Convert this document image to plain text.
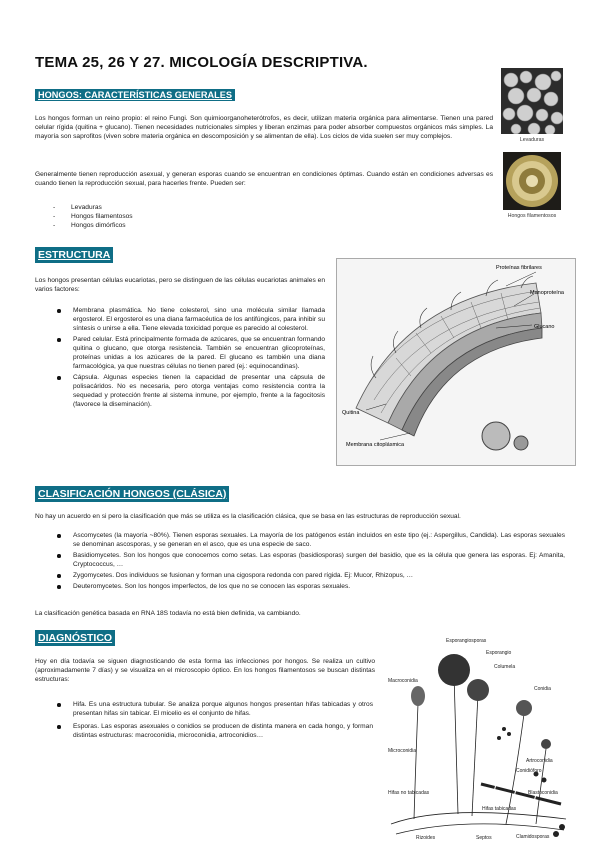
TEMA 25, 26 Y 27. MICOLOGÍA DESCRIPTIVA.
HONGOS: CARACTERÍSTICAS GENERALES
Los hongos forman un reino propio: el reino Fungi. Son quimioorganoheterótrofos, es decir, utilizan materia orgánica para alimentarse. Tienen una pared celular rígida (quitina + glucano). Tienen necesidades nutricionales simples y liberan enzimas para poder absorber compuestos orgánicos más simples. La mayoría son saprofitos (viven sobre materia orgánica en descomposición y se alimentan de ella). Los ciclos de vida suelen ser muy complejos.
Generalmente tienen reproducción asexual, y generan esporas cuando se encuentran en condiciones óptimas. Cuando están en condiciones adversas es cuando tienen la reproducción sexual, para hacerles frente. Pueden ser:
- Levaduras
- Hongos filamentosos
- Hongos dimórficos
Levaduras
Hongos filamentosos
ESTRUCTURA
Los hongos presentan células eucariotas, pero se distinguen de las células eucariotas animales en varios factores:
Membrana plasmática. No tiene colesterol, sino una molécula similar llamada ergosterol. El ergosterol es una diana farmacéutica de los antifúngicos, para inhibir su síntesis o unirse a ella. Tiene elevada toxicidad porque es parecido al colesterol.
Pared celular. Está principalmente formada de azúcares, que se encuentran formando quitina o glucano, que otorga resistencia. También se encuentran glicoproteínas, proteínas unidas a los azúcares de la pared. El glucano es también una diana farmacológica, ya que nuestras células no tienen pared (ej.: equinocandinas).
Cápsula. Algunas especies tienen la capacidad de presentar una cápsula de polisacáridos. No es necesaria, pero otorga ventajas como resistencia contra la sequedad y protección frente al sistema inmune, por ejemplo, frente a la fagocitosis (favorece la diseminación).
Proteínas fibrilares
Manoproteína
Glucano
Quitina
Membrana citoplásmica
CLASIFICACIÓN HONGOS (CLÁSICA)
No hay un acuerdo en si pero la clasificación que más se utiliza es la clasificación clásica, que se basa en las estructuras de reproducción sexual.
Ascomycetes (la mayoría ~80%). Tienen esporas sexuales. La mayoría de los patógenos están incluidos en este tipo (ej.: Aspergillus, Candida). Las esporas sexuales se denominan ascosporas, y se generan en el asco, que es una especie de saco.
Basidiomycetes. Son los hongos que conocemos como setas. Las esporas (basidiosporas) surgen del basidio, que es la célula que genera las esporas. Ej: Amanita, Cryptococcus, …
Zygomycetes. Dos individuos se fusionan y forman una cigospora redonda con pared rígida. Ej: Mucor, Rhizopus, …
Deuteromycetes. Son los hongos imperfectos, de los que no se conocen las esporas sexuales.
La clasificación genética basada en RNA 18S todavía no está bien definida, va cambiando.
DIAGNÓSTICO
Hoy en día todavía se siguen diagnosticando de esta forma las infecciones por hongos. Se realiza un cultivo (aproximadamente 7 días) y se visualiza en el microscopio óptico. En los hongos filamentosos se buscan distintas estructuras:
Hifa. Es una estructura tubular. Se analiza porque algunos hongos presentan hifas tabicadas y otros presentan hifas sin tabicar. El micelio es el conjunto de hifas.
Esporas. Las esporas asexuales o conidios se producen de distinta manera en cada hongo, y forman distintas estructuras: macroconidia, microconidia, artroconidios…
Esporangiosporas
Esporangio
Columela
Conidia
Macroconidia
Microconidia
Artroconidia
Conidióforo
Blastoconidia
Hifas tabicadas
Hifas no tabicadas
Clamidosporas
Rizoides	Septos
